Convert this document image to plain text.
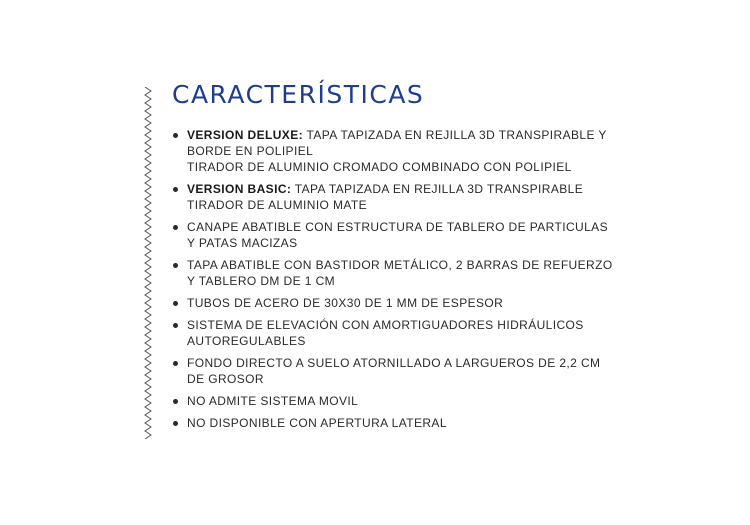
CARACTERÍSTICAS
VERSION DELUXE: TAPA TAPIZADA EN REJILLA 3D TRANSPIRABLE Y
BORDE EN POLIPIEL
TIRADOR DE ALUMINIO CROMADO COMBINADO CON POLIPIEL
VERSION BASIC: TAPA TAPIZADA EN REJILLA 3D TRANSPIRABLE
TIRADOR DE ALUMINIO MATE
CANAPE ABATIBLE CON ESTRUCTURA DE TABLERO DE PARTICULAS
Y PATAS MACIZAS
TAPA ABATIBLE CON BASTIDOR METÁLICO, 2 BARRAS DE REFUERZO
Y TABLERO DM DE 1 CM
TUBOS DE ACERO DE 30X30 DE 1 MM DE ESPESOR
SISTEMA DE ELEVACIÓN CON AMORTIGUADORES HIDRÁULICOS
AUTOREGULABLES
FONDO DIRECTO A SUELO ATORNILLADO A LARGUEROS DE 2,2 CM
DE GROSOR
NO ADMITE SISTEMA MOVIL
NO DISPONIBLE CON APERTURA LATERAL
